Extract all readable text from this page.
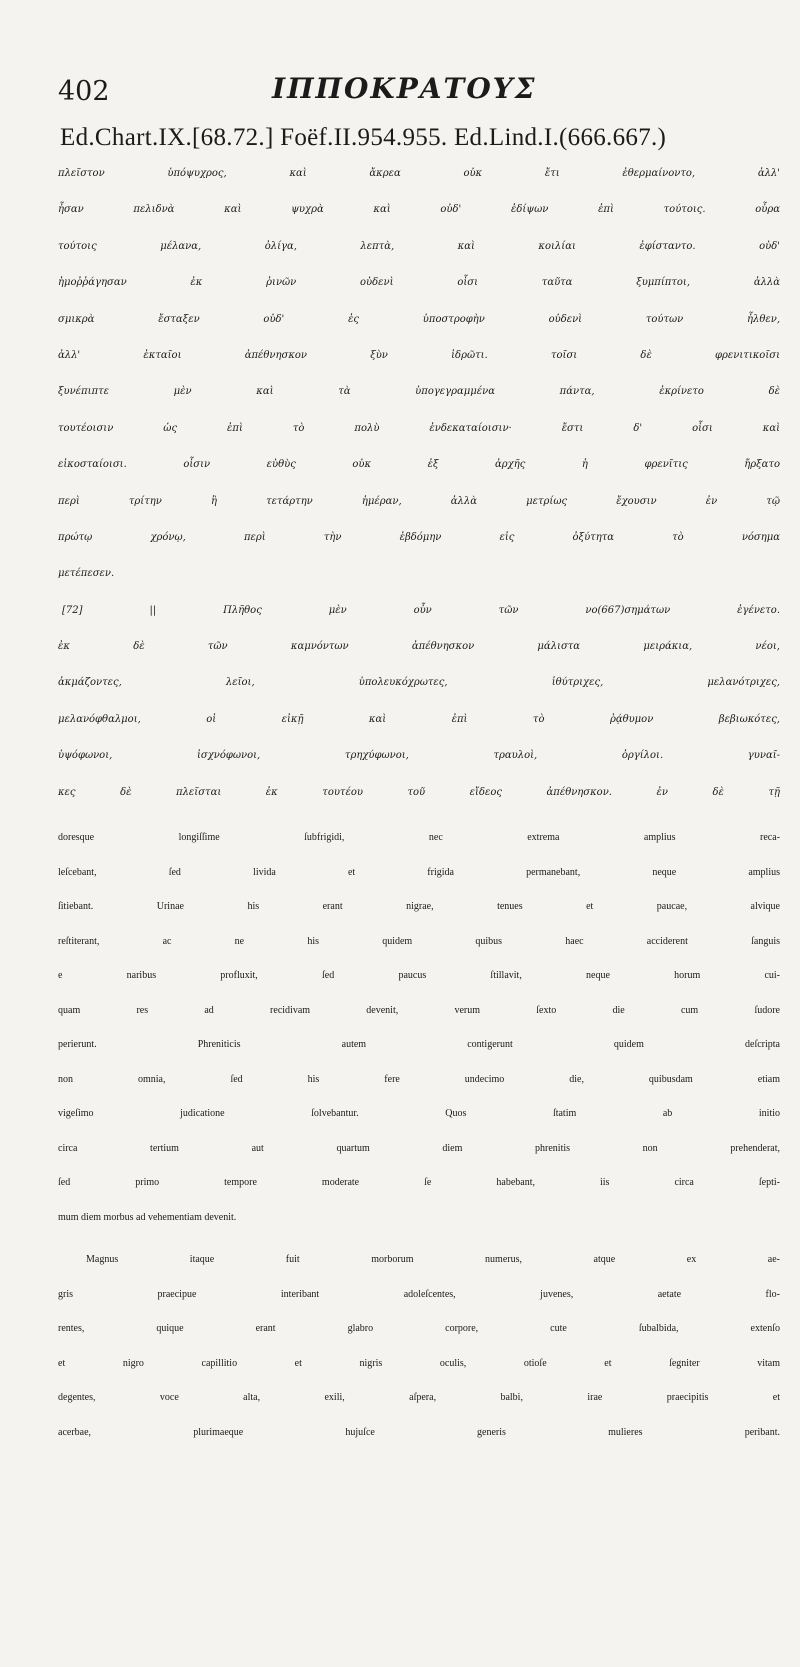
402	ΙΠΠΟΚΡΑΤΟΥΣ
Ed.Chart.IX.[68.72.] Foëf.II.954.955. Ed.Lind.I.(666.667.)
πλεῖστον ὑπόψυχρος, καὶ ἄκρεα οὐκ ἔτι ἐθερμαίνοντο, ἀλλ'
ἦσαν πελιδνὰ καὶ ψυχρὰ καὶ οὐδ' ἐδίψων ἐπὶ τούτοις. οὖρα
τούτοις μέλανα, ὀλίγα, λεπτὰ, καὶ κοιλίαι ἐφίσταντο. οὐδ'
ἡμοῤῥάγησαν ἐκ ῥινῶν οὐδενὶ οἷσι ταῦτα ξυμπίπτοι, ἀλλὰ
σμικρὰ ἔσταξεν οὐδ' ἐς ὑποστροφὴν οὐδενὶ τούτων ἦλθεν,
ἀλλ' ἑκταῖοι ἀπέθνησκον ξὺν ἱδρῶτι. τοῖσι δὲ φρενιτικοῖσι
ξυνέπιπτε μὲν καὶ τὰ ὑπογεγραμμένα πάντα, ἐκρίνετο δὲ
τουτέοισιν ὡς ἐπὶ τὸ πολὺ ἑνδεκαταίοισιν· ἔστι δ' οἷσι καὶ
εἰκοσταίοισι. οἷσιν εὐθὺς οὐκ ἐξ ἀρχῆς ἡ φρενῖτις ἤρξατο
περὶ τρίτην ἢ τετάρτην ἡμέραν, ἀλλὰ μετρίως ἔχουσιν ἐν τῷ
πρώτῳ χρόνῳ, περὶ τὴν ἑβδόμην εἰς ὀξύτητα τὸ νόσημα
μετέπεσεν.
[72] || Πλῆθος μὲν οὖν τῶν νο(667)σημάτων ἐγένετο.
ἐκ δὲ τῶν καμνόντων ἀπέθνησκον μάλιστα μειράκια, νέοι,
ἀκμάζοντες, λεῖοι, ὑπολευκόχρωτες, ἰθύτριχες, μελανότριχες,
μελανόφθαλμοι, οἱ εἰκῇ καὶ ἐπὶ τὸ ῥᾴθυμον βεβιωκότες,
ὑψόφωνοι, ἰσχνόφωνοι, τρηχύφωνοι, τραυλοὶ, ὀργίλοι. γυναῖ-
κες δὲ πλεῖσται ἐκ τουτέου τοῦ εἴδεος ἀπέθνησκον. ἐν δὲ τῇ
doresque longiſſime ſubfrigidi, nec extrema amplius reca-
leſcebant, ſed livida et frigida permanebant, neque amplius
ſitiebant. Urinae his erant nigrae, tenues et paucae, alvique
reſtiterant, ac ne his quidem quibus haec acciderent ſanguis
e naribus profluxit, ſed paucus ſtillavit, neque horum cui-
quam res ad recidivam devenit, verum ſexto die cum ſudore
perierunt. Phreniticis autem contigerunt quidem deſcripta
non omnia, ſed his fere undecimo die, quibusdam etiam
vigeſimo judicatione ſolvebantur. Quos ſtatim ab initio
circa tertium aut quartum diem phrenitis non prehenderat,
ſed primo tempore moderate ſe habebant, iis circa ſepti-
mum diem morbus ad vehementiam devenit.
Magnus itaque fuit morborum numerus, atque ex ae-
gris praecipue interibant adoleſcentes, juvenes, aetate flo-
rentes, quique erant glabro corpore, cute ſubalbida, extenſo
et nigro capillitio et nigris oculis, otioſe et ſegniter vitam
degentes, voce alta, exili, aſpera, balbi, irae praecipitis et
acerbae, plurimaeque hujuſce generis mulieres peribant.
